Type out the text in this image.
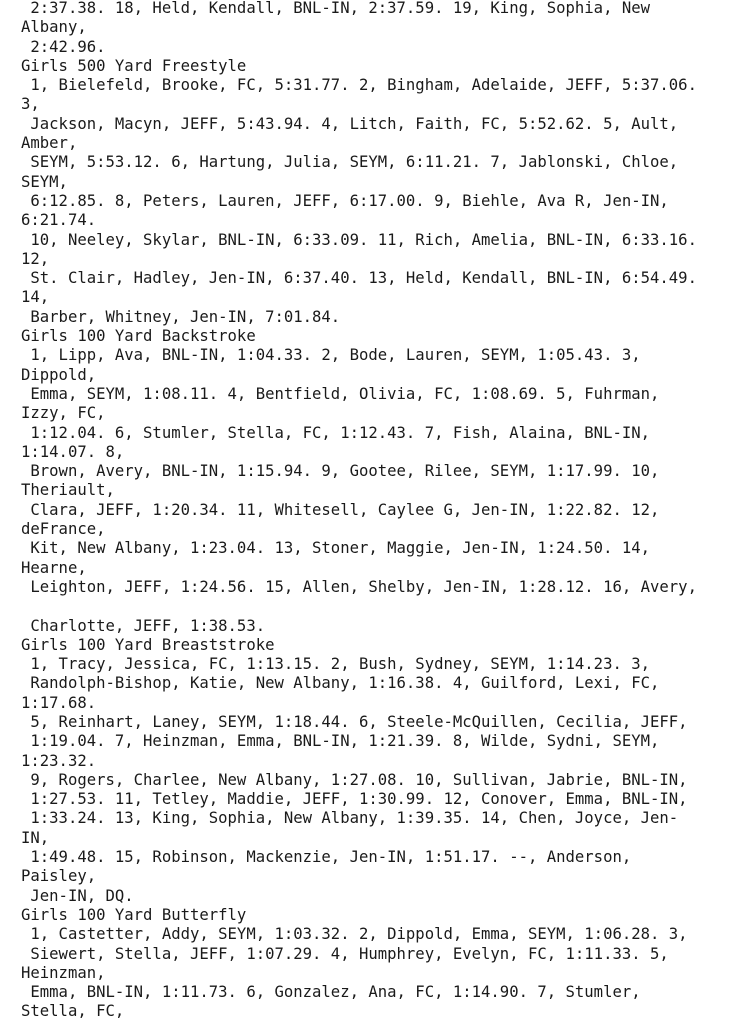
2:37.38. 18, Held, Kendall, BNL-IN, 2:37.59. 19, King, Sophia, New
Albany,
2:42.96.
Girls 500 Yard Freestyle
1, Bielefeld, Brooke, FC, 5:31.77. 2, Bingham, Adelaide, JEFF, 5:37.06.
3,
Jackson, Macyn, JEFF, 5:43.94. 4, Litch, Faith, FC, 5:52.62. 5, Ault,
Amber,
SEYM, 5:53.12. 6, Hartung, Julia, SEYM, 6:11.21. 7, Jablonski, Chloe,
SEYM,
6:12.85. 8, Peters, Lauren, JEFF, 6:17.00. 9, Biehle, Ava R, Jen-IN,
6:21.74.
10, Neeley, Skylar, BNL-IN, 6:33.09. 11, Rich, Amelia, BNL-IN, 6:33.16.
12,
St. Clair, Hadley, Jen-IN, 6:37.40. 13, Held, Kendall, BNL-IN, 6:54.49.
14,
Barber, Whitney, Jen-IN, 7:01.84.
Girls 100 Yard Backstroke
1, Lipp, Ava, BNL-IN, 1:04.33. 2, Bode, Lauren, SEYM, 1:05.43. 3,
Dippold,
Emma, SEYM, 1:08.11. 4, Bentfield, Olivia, FC, 1:08.69. 5, Fuhrman,
Izzy, FC,
1:12.04. 6, Stumler, Stella, FC, 1:12.43. 7, Fish, Alaina, BNL-IN,
1:14.07. 8,
Brown, Avery, BNL-IN, 1:15.94. 9, Gootee, Rilee, SEYM, 1:17.99. 10,
Theriault,
Clara, JEFF, 1:20.34. 11, Whitesell, Caylee G, Jen-IN, 1:22.82. 12,
deFrance,
Kit, New Albany, 1:23.04. 13, Stoner, Maggie, Jen-IN, 1:24.50. 14,
Hearne,
Leighton, JEFF, 1:24.56. 15, Allen, Shelby, Jen-IN, 1:28.12. 16, Avery,
Charlotte, JEFF, 1:38.53.
Girls 100 Yard Breaststroke
1, Tracy, Jessica, FC, 1:13.15. 2, Bush, Sydney, SEYM, 1:14.23. 3,
Randolph-Bishop, Katie, New Albany, 1:16.38. 4, Guilford, Lexi, FC,
1:17.68.
5, Reinhart, Laney, SEYM, 1:18.44. 6, Steele-McQuillen, Cecilia, JEFF,
1:19.04. 7, Heinzman, Emma, BNL-IN, 1:21.39. 8, Wilde, Sydni, SEYM,
1:23.32.
9, Rogers, Charlee, New Albany, 1:27.08. 10, Sullivan, Jabrie, BNL-IN,
1:27.53. 11, Tetley, Maddie, JEFF, 1:30.99. 12, Conover, Emma, BNL-IN,
1:33.24. 13, King, Sophia, New Albany, 1:39.35. 14, Chen, Joyce, Jen-
IN,
1:49.48. 15, Robinson, Mackenzie, Jen-IN, 1:51.17. --, Anderson,
Paisley,
Jen-IN, DQ.
Girls 100 Yard Butterfly
1, Castetter, Addy, SEYM, 1:03.32. 2, Dippold, Emma, SEYM, 1:06.28. 3,
Siewert, Stella, JEFF, 1:07.29. 4, Humphrey, Evelyn, FC, 1:11.33. 5,
Heinzman,
Emma, BNL-IN, 1:11.73. 6, Gonzalez, Ana, FC, 1:14.90. 7, Stumler,
Stella, FC,
